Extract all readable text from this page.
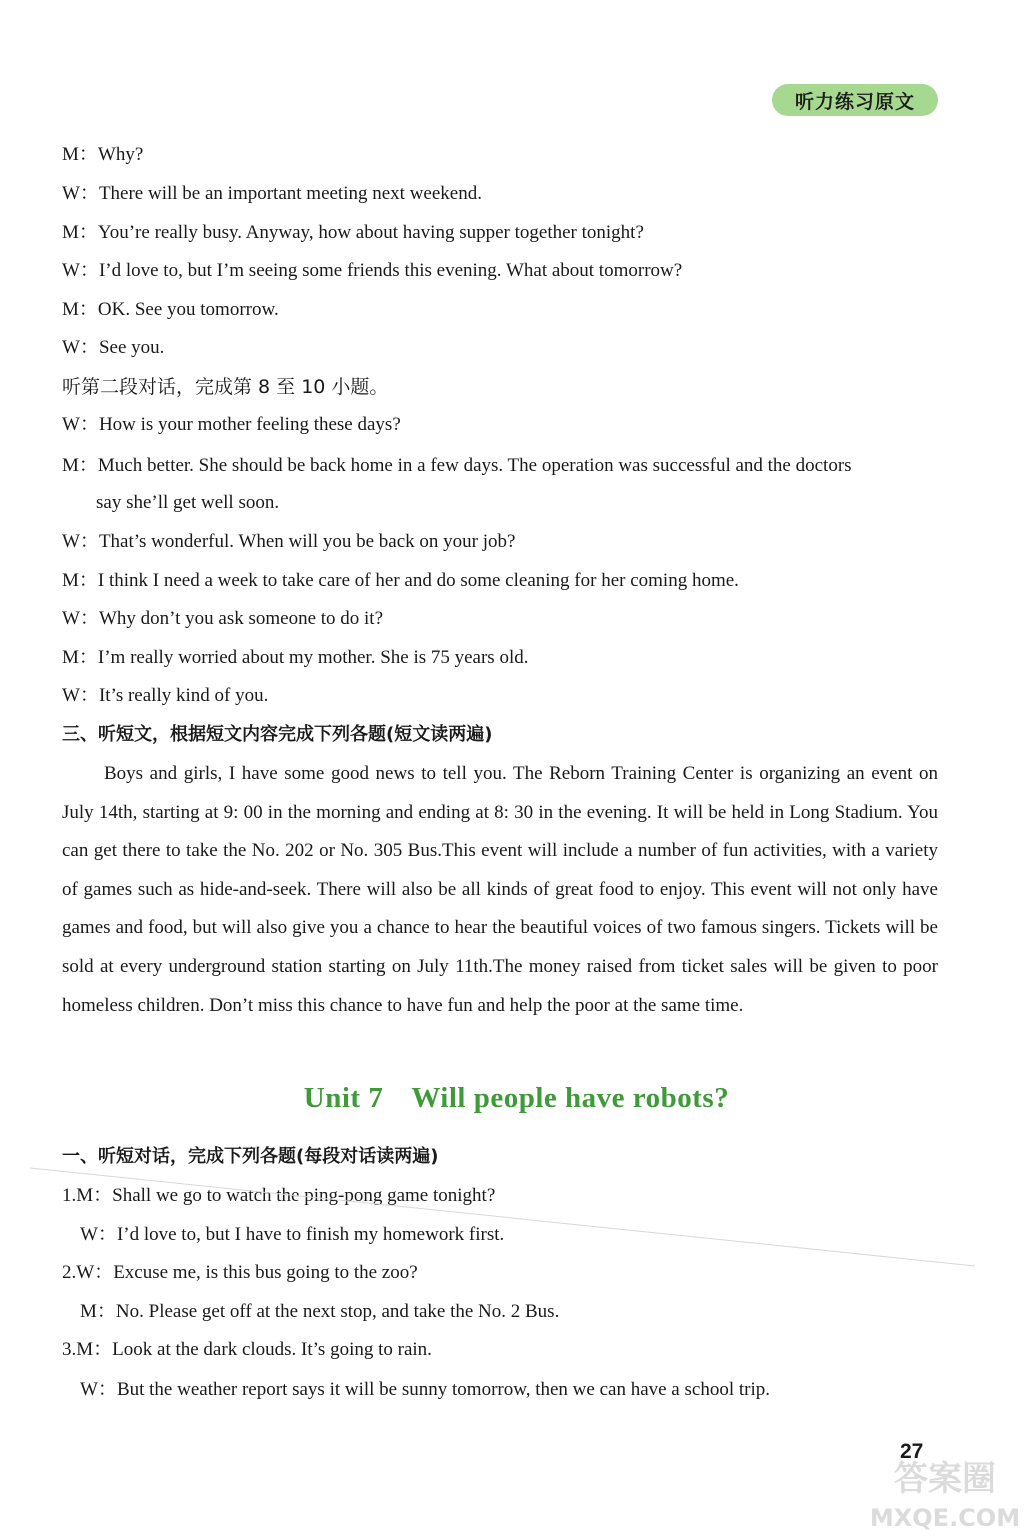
听力练习原文
M：Why?
W：There will be an important meeting next weekend.
M：You’re really busy. Anyway, how about having supper together tonight?
W：I’d love to, but I’m seeing some friends this evening. What about tomorrow?
M：OK. See you tomorrow.
W：See you.
听第二段对话，完成第 8 至 10 小题。
W：How is your mother feeling these days?
M：Much better. She should be back home in a few days. The operation was successful and the doctors
say she’ll get well soon.
W：That’s wonderful. When will you be back on your job?
M：I think I need a week to take care of her and do some cleaning for her coming home.
W：Why don’t you ask someone to do it?
M：I’m really worried about my mother. She is 75 years old.
W：It’s really kind of you.
三、听短文，根据短文内容完成下列各题(短文读两遍)
Boys and girls, I have some good news to tell you. The Reborn Training Center is organizing an event on July 14th, starting at 9: 00 in the morning and ending at 8: 30 in the evening. It will be held in Long Stadium. You can get there to take the No. 202 or No. 305 Bus.This event will include a number of fun activities, with a variety of games such as hide-and-seek. There will also be all kinds of great food to enjoy. This event will not only have games and food, but will also give you a chance to hear the beautiful voices of two famous singers. Tickets will be sold at every underground station starting on July 11th.The money raised from ticket sales will be given to poor homeless children. Don’t miss this chance to have fun and help the poor at the same time.
Unit 7 Will people have robots?
一、听短对话，完成下列各题(每段对话读两遍)
1.M：Shall we go to watch the ping-pong game tonight?
W：I’d love to, but I have to finish my homework first.
2.W：Excuse me, is this bus going to the zoo?
M：No. Please get off at the next stop, and take the No. 2 Bus.
3.M：Look at the dark clouds. It’s going to rain.
W：But the weather report says it will be sunny tomorrow, then we can have a school trip.
27
答案圈
MXQE.COM
